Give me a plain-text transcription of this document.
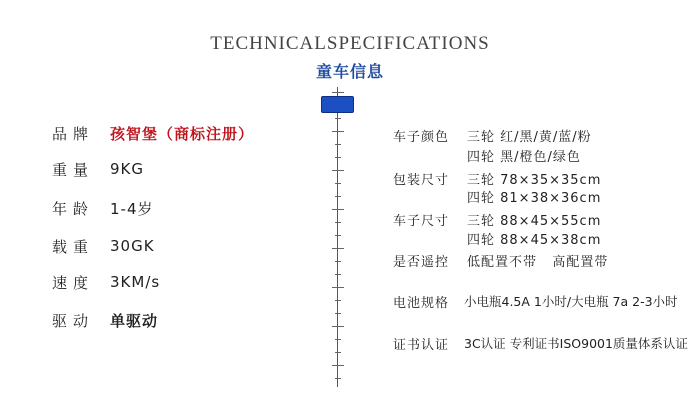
TECHNICALSPECIFICATIONS
童车信息
品牌	孩智堡（商标注册）
重量	9KG
年龄	1-4岁
载重	30GK
速度	3KM/s
驱动	单驱动
车子颜色 三轮 红/黑/黄/蓝/粉
四轮 黑/橙色/绿色
包装尺寸 三轮 78×35×35cm
四轮 81×38×36cm
车子尺寸 三轮 88×45×55cm
四轮 88×45×38cm
是否遥控 低配置不带   高配置带
电池规格 小电瓶4.5A 1小时/大电瓶 7a 2-3小时
证书认证 3C认证 专利证书ISO9001质量体系认证
